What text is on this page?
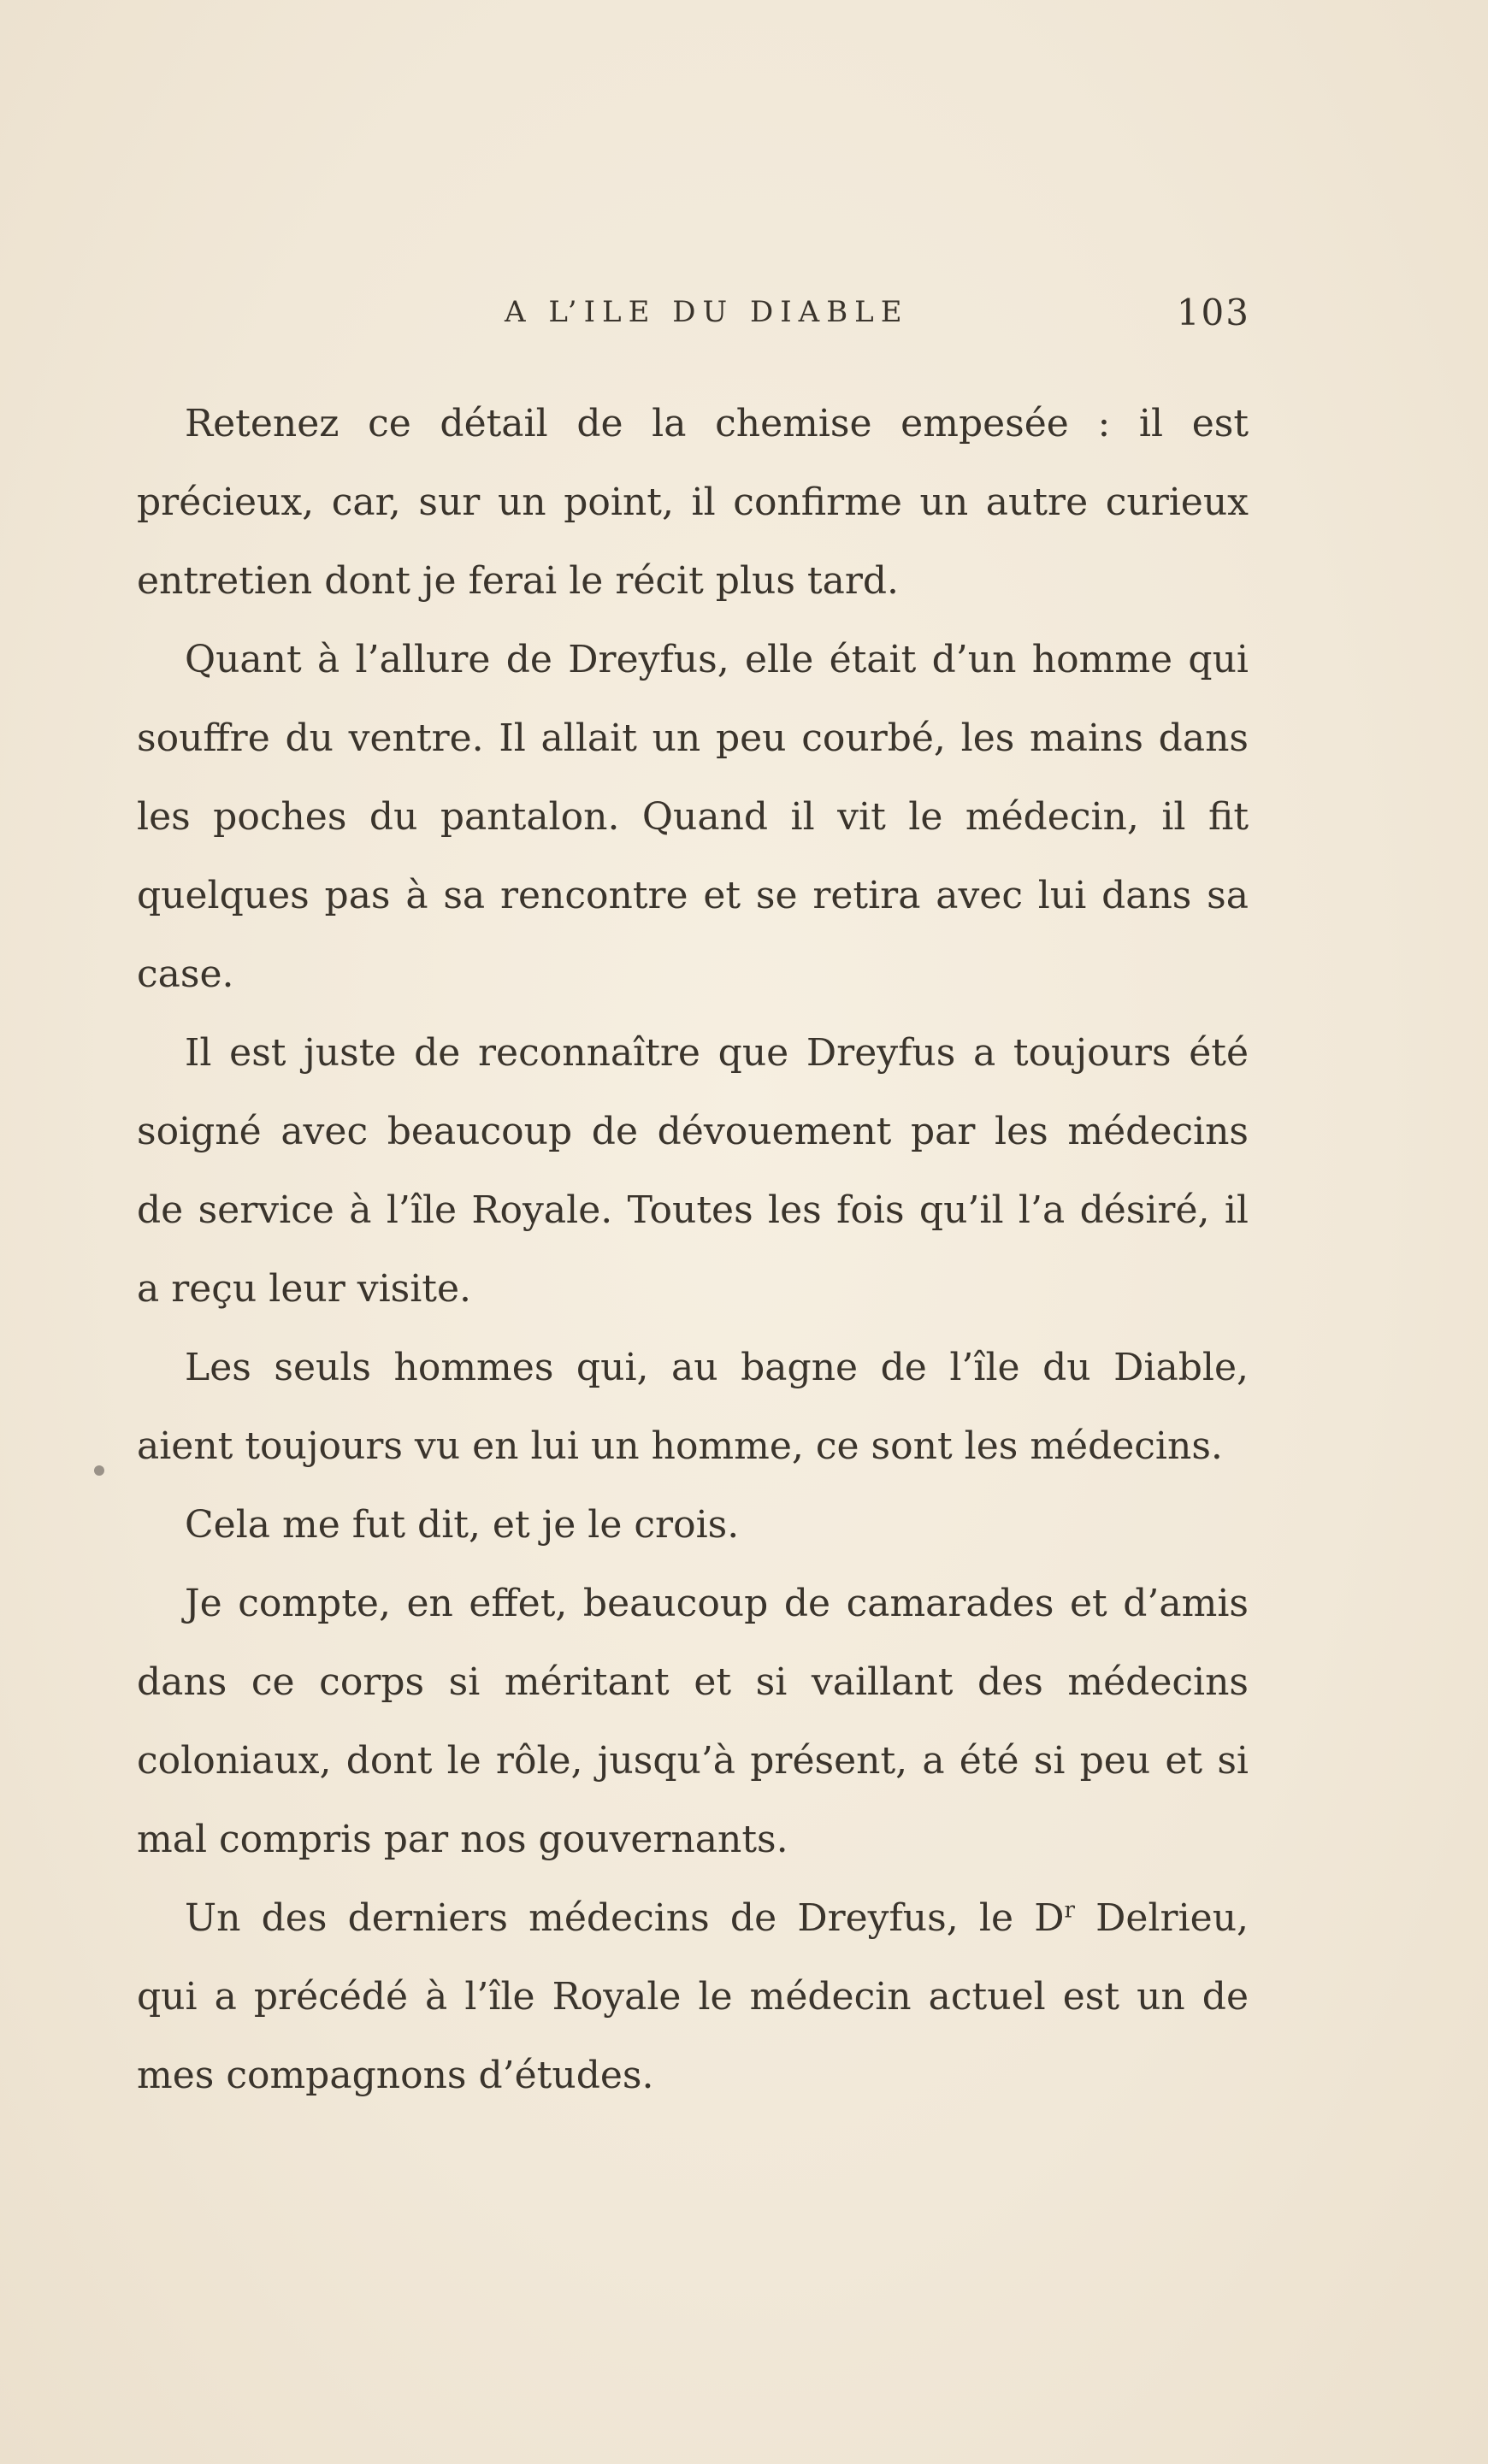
A L’ILE DU DIABLE	103

Retenez ce détail de la chemise empesée : il est précieux, car, sur un point, il confirme un autre curieux entretien dont je ferai le récit plus tard.

Quant à l’allure de Dreyfus, elle était d’un homme qui souffre du ventre. Il allait un peu courbé, les mains dans les poches du pantalon. Quand il vit le médecin, il fit quelques pas à sa rencontre et se retira avec lui dans sa case.

Il est juste de reconnaître que Dreyfus a toujours été soigné avec beaucoup de dévouement par les médecins de service à l’île Royale. Toutes les fois qu’il l’a désiré, il a reçu leur visite.

Les seuls hommes qui, au bagne de l’île du Diable, aient toujours vu en lui un homme, ce sont les médecins.

Cela me fut dit, et je le crois.

Je compte, en effet, beaucoup de camarades et d’amis dans ce corps si méritant et si vaillant des médecins coloniaux, dont le rôle, jusqu’à présent, a été si peu et si mal compris par nos gouvernants.

Un des derniers médecins de Dreyfus, le $D^r$ Delrieu, qui a précédé à l’île Royale le médecin actuel est un de mes compagnons d’études.
